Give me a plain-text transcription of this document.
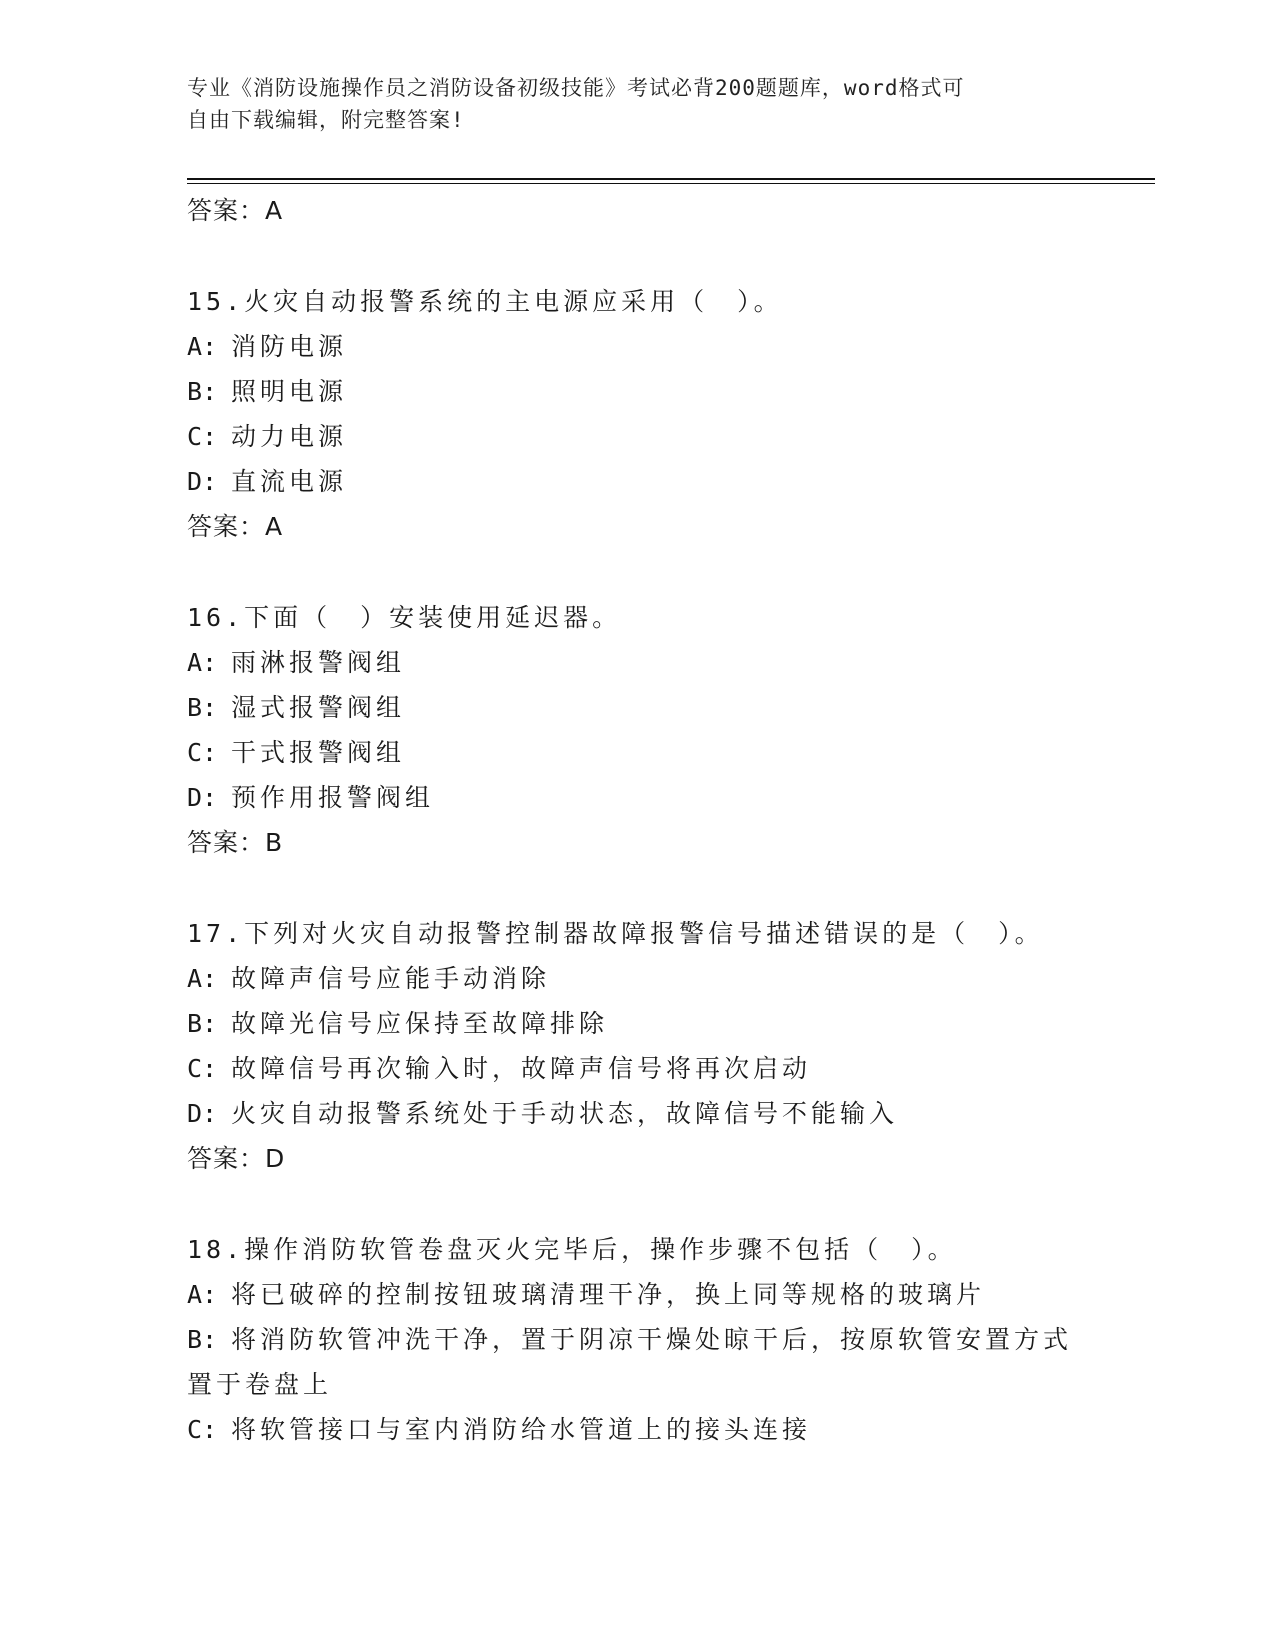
专业《消防设施操作员之消防设备初级技能》考试必背200题题库，word格式可
自由下载编辑，附完整答案!
答案：A
15.火灾自动报警系统的主电源应采用（　）。
A: 消防电源
B: 照明电源
C: 动力电源
D: 直流电源
答案：A
16.下面（　）安装使用延迟器。
A: 雨淋报警阀组
B: 湿式报警阀组
C: 干式报警阀组
D: 预作用报警阀组
答案：B
17.下列对火灾自动报警控制器故障报警信号描述错误的是（　）。
A: 故障声信号应能手动消除
B: 故障光信号应保持至故障排除
C: 故障信号再次输入时，故障声信号将再次启动
D: 火灾自动报警系统处于手动状态，故障信号不能输入
答案：D
18.操作消防软管卷盘灭火完毕后，操作步骤不包括（　）。
A: 将已破碎的控制按钮玻璃清理干净，换上同等规格的玻璃片
B: 将消防软管冲洗干净，置于阴凉干燥处晾干后，按原软管安置方式置于卷盘上
C: 将软管接口与室内消防给水管道上的接头连接
